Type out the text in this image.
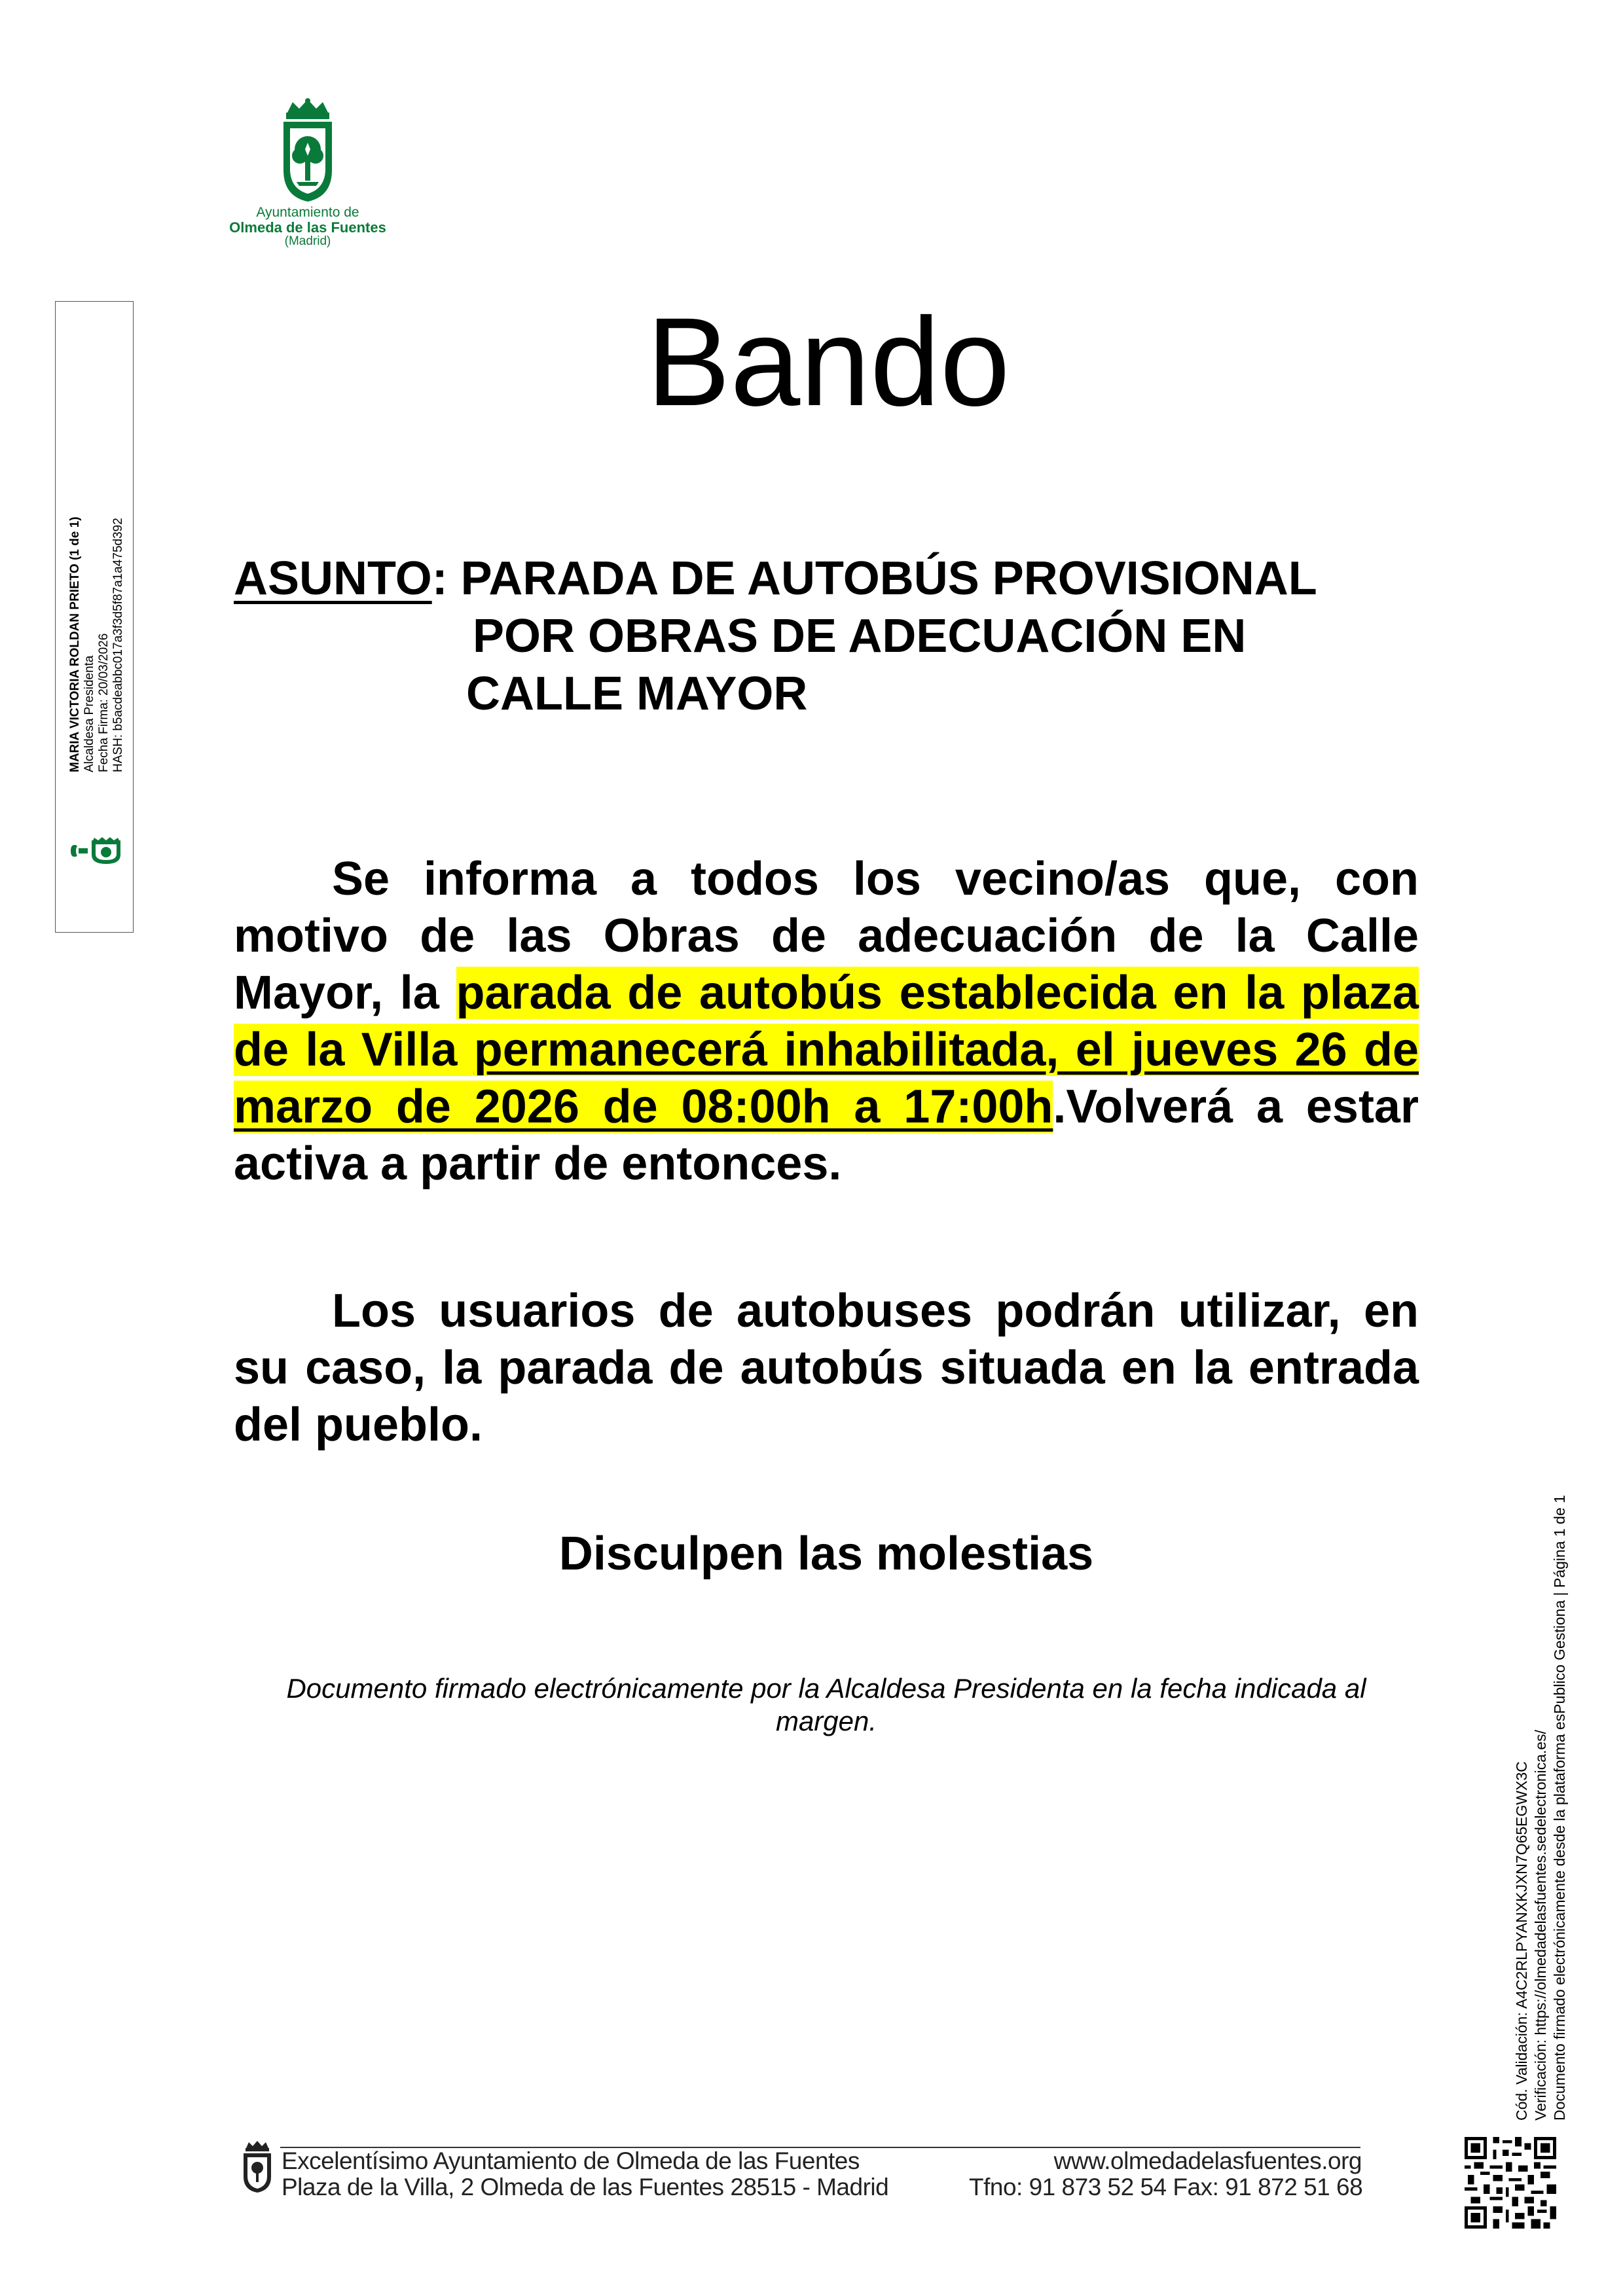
Ayuntamiento de
Olmeda de las Fuentes
(Madrid)
MARIA VICTORIA ROLDAN PRIETO (1 de 1) Alcaldesa Presidenta Fecha Firma: 20/03/2026 HASH: b5acdeabbc017a3f3d5f87a1a475d392
Bando
ASUNTO: PARADA DE AUTOBÚS PROVISIONAL
POR OBRAS DE ADECUACIÓN EN
CALLE MAYOR
Se informa a todos los vecino/as que, con motivo de las Obras de adecuación de la Calle Mayor, la parada de autobús establecida en la plaza de la Villa permanecerá inhabilitada, el jueves 26 de marzo de 2026 de 08:00h a 17:00h.Volverá a estar activa a partir de entonces.
Los usuarios de autobuses podrán utilizar, en su caso, la parada de autobús situada en la entrada del pueblo.
Disculpen las molestias
Documento firmado electrónicamente por la Alcaldesa Presidenta en la fecha indicada al margen.
Cód. Validación: A4C2RLPYANXKJXN7Q65EGWX3C Verificación: https://olmedadelasfuentes.sedelectronica.es/ Documento firmado electrónicamente desde la plataforma esPublico Gestiona | Página 1 de 1
Excelentísimo Ayuntamiento de Olmeda de las Fuentes
Plaza de la Villa, 2 Olmeda de las Fuentes 28515 - Madrid
www.olmedadelasfuentes.org
Tfno: 91 873 52 54 Fax: 91 872 51 68
